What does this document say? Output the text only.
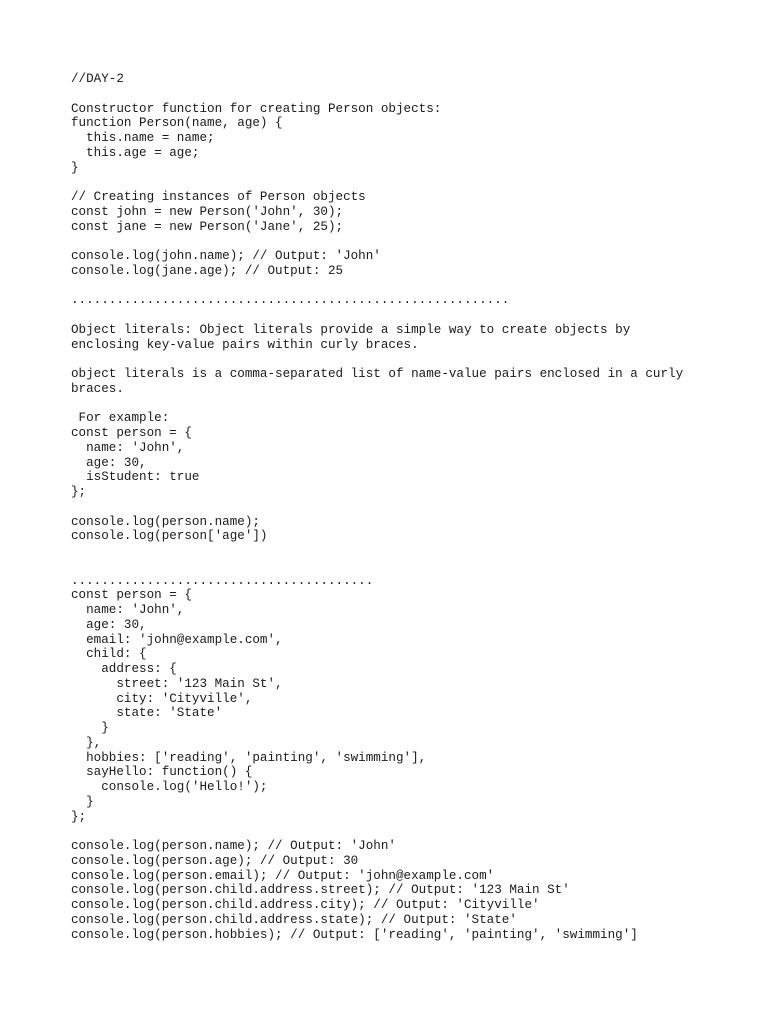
//DAY-2
Constructor function for creating Person objects:
function Person(name, age) {
this.name = name;
this.age = age;
}
// Creating instances of Person objects
const john = new Person('John', 30);
const jane = new Person('Jane', 25);
console.log(john.name); // Output: 'John'
console.log(jane.age); // Output: 25
..........................................................
Object literals: Object literals provide a simple way to create objects by
enclosing key-value pairs within curly braces.
object literals is a comma-separated list of name-value pairs enclosed in a curly
braces.
For example:
const person = {
name: 'John',
age: 30,
isStudent: true
};
console.log(person.name);
console.log(person['age'])
........................................
const person = {
name: 'John',
age: 30,
email: 'john@example.com',
child: {
address: {
street: '123 Main St',
city: 'Cityville',
state: 'State'
}
},
hobbies: ['reading', 'painting', 'swimming'],
sayHello: function() {
console.log('Hello!');
}
};
console.log(person.name); // Output: 'John'
console.log(person.age); // Output: 30
console.log(person.email); // Output: 'john@example.com'
console.log(person.child.address.street); // Output: '123 Main St'
console.log(person.child.address.city); // Output: 'Cityville'
console.log(person.child.address.state); // Output: 'State'
console.log(person.hobbies); // Output: ['reading', 'painting', 'swimming']
